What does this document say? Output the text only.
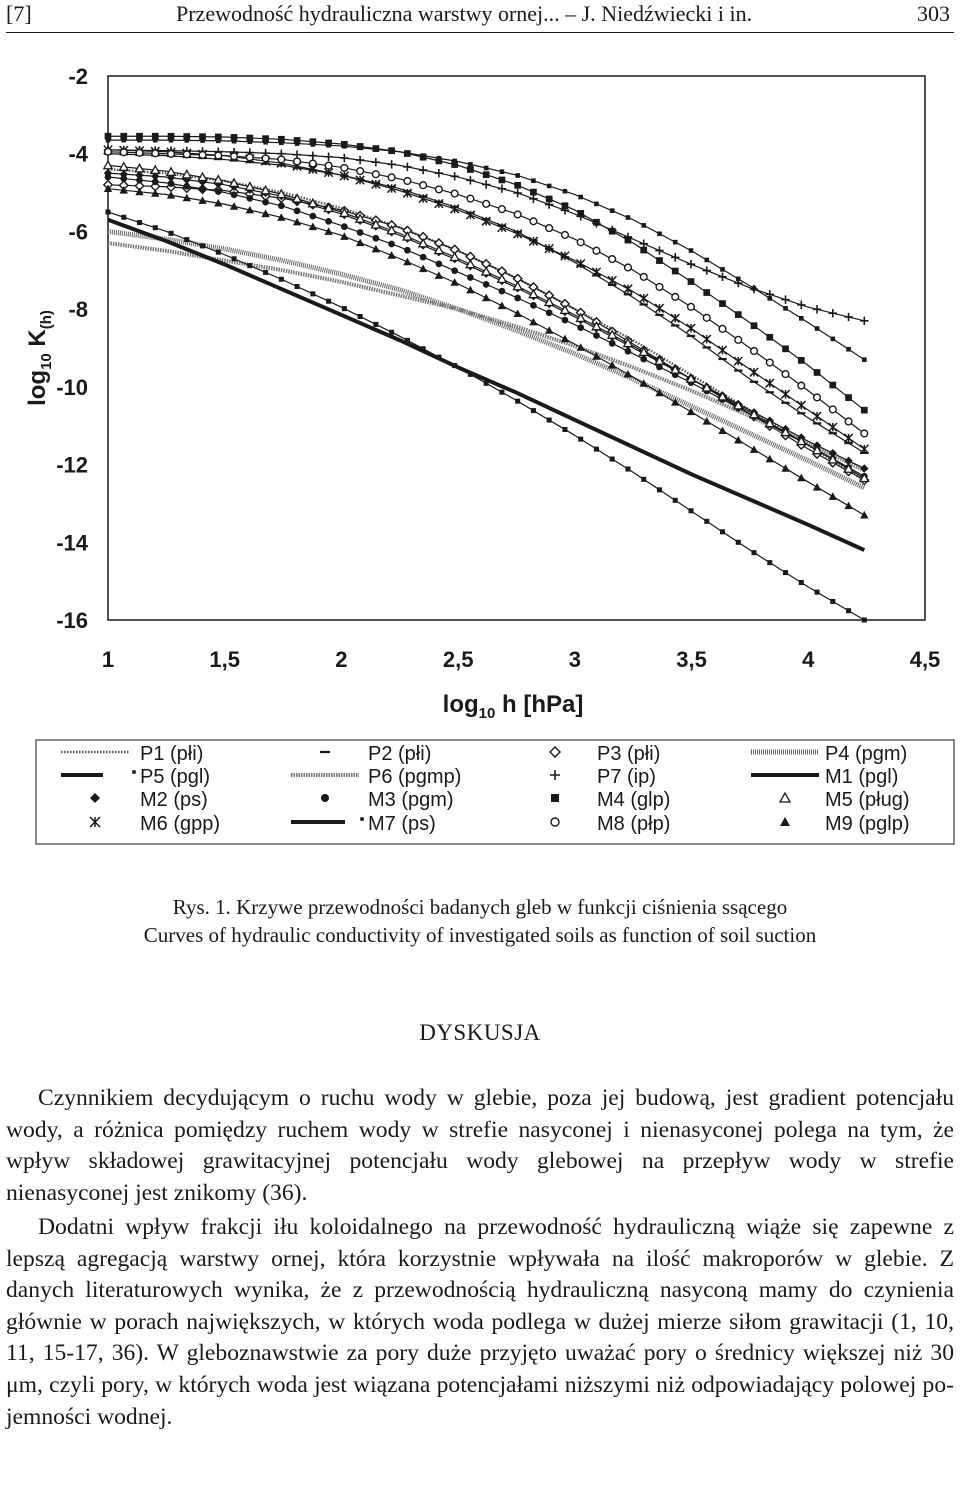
[7]	Przewodność hydrauliczna warstwy ornej... – J. Niedźwiecki i in.	303
-2
-4
-6
-8
-10
-12
-14
-16
1	1,5	2	2,5	3	3,5	4	4,5
$\log_{10} h$ [hPa]
$\log_{10} K_{(h)}$
P1 (płi)	P2 (płi)	P3 (płi)	P4 (pgm)
P5 (pgl)	P6 (pgmp)	P7 (ip)	M1 (pgl)
M2 (ps)	M3 (pgm)	M4 (glp)	M5 (pług)
M6 (gpp)	M7 (ps)	M8 (płp)	M9 (pglp)
Rys. 1. Krzywe przewodności badanych gleb w funkcji ciśnienia ssącego
Curves of hydraulic conductivity of investigated soils as function of soil suction
DYSKUSJA

Czynnikiem decydującym o ruchu wody w glebie, poza jej budową, jest gradient potencjału wody, a różnica pomiędzy ruchem wody w strefie nasyconej i nienasyconej polega na tym, że wpływ składowej grawitacyjnej potencjału wody glebowej na przepływ wody w strefie nienasyconej jest znikomy (36).

Dodatni wpływ frakcji iłu koloidalnego na przewodność hydrauliczną wiąże się zapewne z lepszą agregacją warstwy ornej, która korzystnie wpływała na ilość makroporów w glebie. Z danych literaturowych wynika, że z przewodnością hydrauliczną nasyconą mamy do czynienia głównie w porach największych, w których woda podlega w dużej mierze siłom grawitacji (1, 10, 11, 15-17, 36). W gleboznawstwie za pory duże przyjęto uważać pory o średnicy większej niż 30 μm, czyli pory, w których woda jest wiązana potencjałami niższymi niż odpowiadający polowej pojemności wodnej.
